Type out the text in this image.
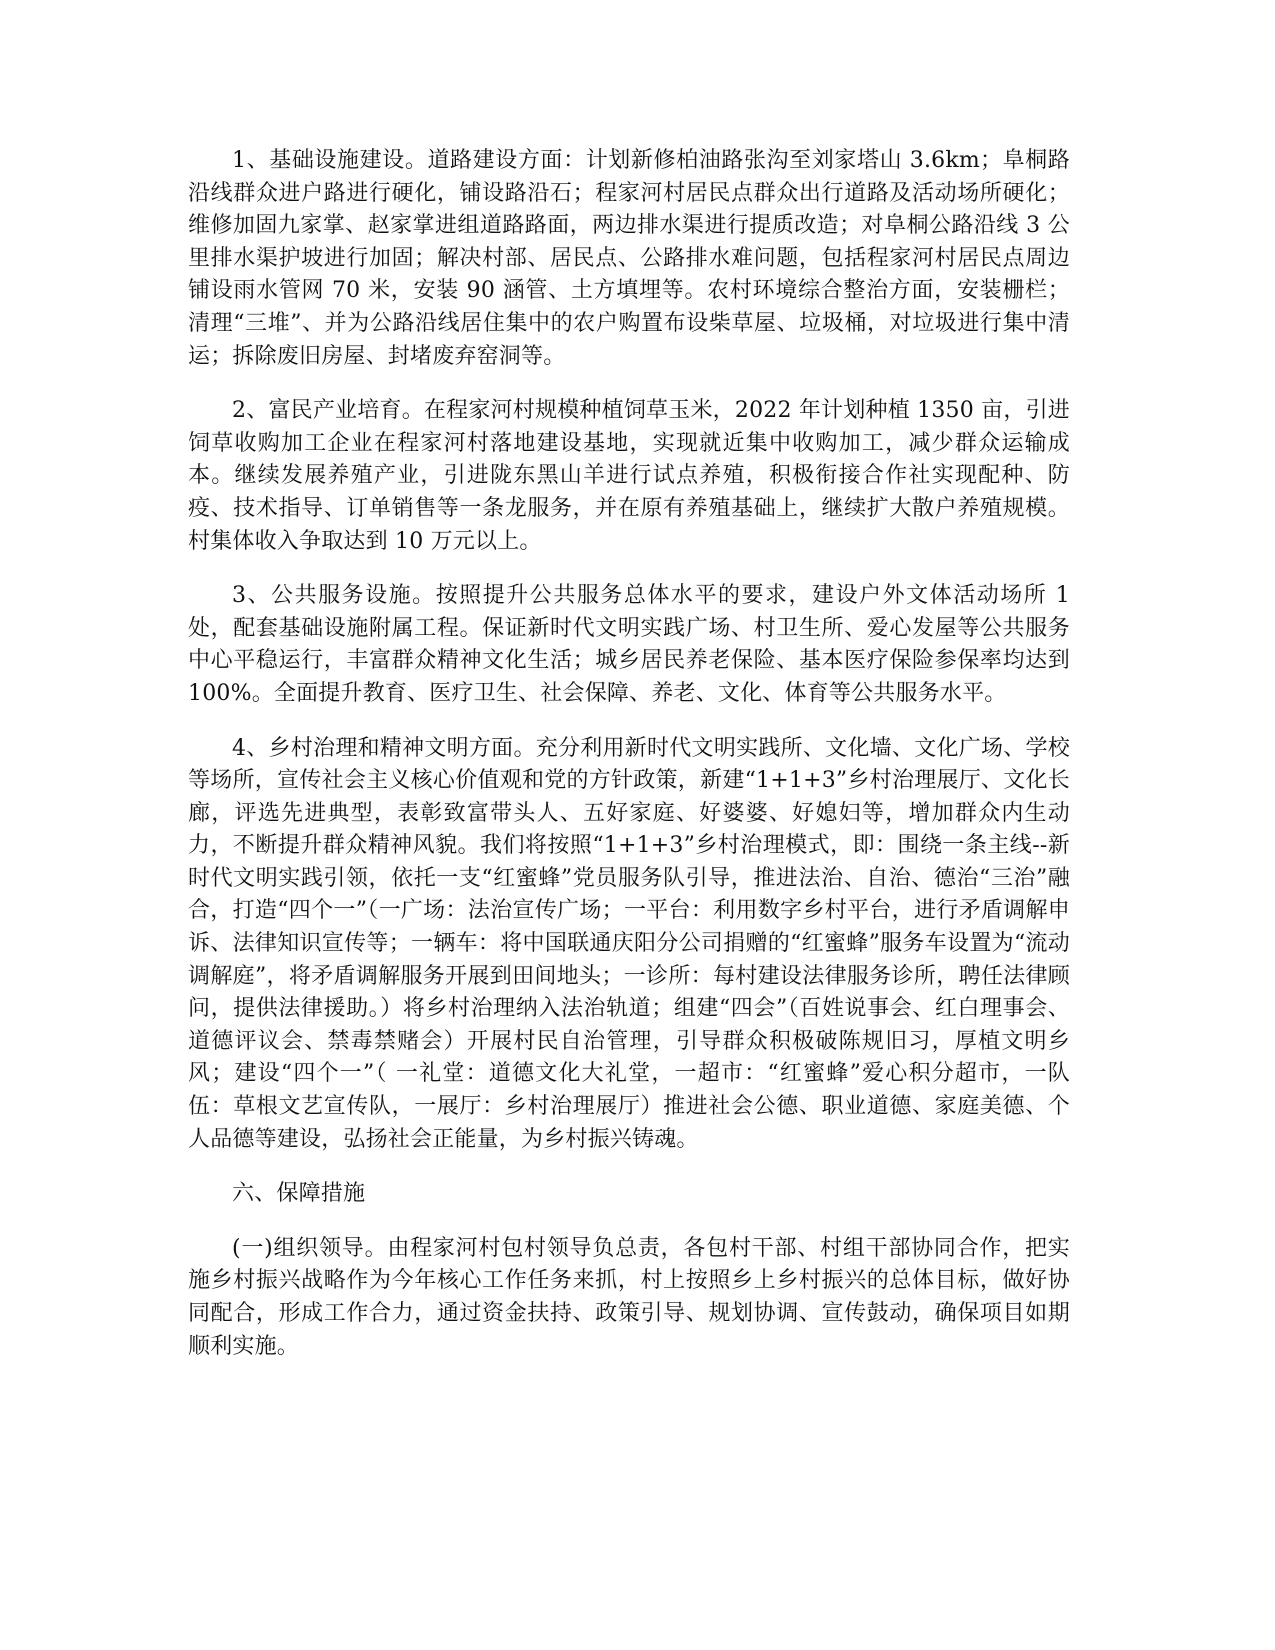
1、基础设施建设。道路建设方面：计划新修柏油路张沟至刘家塔山 3.6km；阜桐路沿线群众进户路进行硬化，铺设路沿石；程家河村居民点群众出行道路及活动场所硬化；维修加固九家掌、赵家掌进组道路路面，两边排水渠进行提质改造；对阜桐公路沿线 3 公里排水渠护坡进行加固；解决村部、居民点、公路排水难问题，包括程家河村居民点周边铺设雨水管网 70 米，安装 90 涵管、土方填埋等。农村环境综合整治方面，安装栅栏；清理“三堆”、并为公路沿线居住集中的农户购置布设柴草屋、垃圾桶，对垃圾进行集中清运；拆除废旧房屋、封堵废弃窑洞等。

2、富民产业培育。在程家河村规模种植饲草玉米，2022 年计划种植 1350 亩，引进饲草收购加工企业在程家河村落地建设基地，实现就近集中收购加工，减少群众运输成本。继续发展养殖产业，引进陇东黑山羊进行试点养殖，积极衔接合作社实现配种、防疫、技术指导、订单销售等一条龙服务，并在原有养殖基础上，继续扩大散户养殖规模。村集体收入争取达到 10 万元以上。

3、公共服务设施。按照提升公共服务总体水平的要求，建设户外文体活动场所 1 处，配套基础设施附属工程。保证新时代文明实践广场、村卫生所、爱心发屋等公共服务中心平稳运行，丰富群众精神文化生活；城乡居民养老保险、基本医疗保险参保率均达到 100%。全面提升教育、医疗卫生、社会保障、养老、文化、体育等公共服务水平。

4、乡村治理和精神文明方面。充分利用新时代文明实践所、文化墙、文化广场、学校等场所，宣传社会主义核心价值观和党的方针政策，新建“1+1+3”乡村治理展厅、文化长廊，评选先进典型，表彰致富带头人、五好家庭、好婆婆、好媳妇等，增加群众内生动力，不断提升群众精神风貌。我们将按照“1+1+3”乡村治理模式，即：围绕一条主线--新时代文明实践引领，依托一支“红蜜蜂”党员服务队引导，推进法治、自治、德治“三治”融合，打造“四个一”（一广场：法治宣传广场；一平台：利用数字乡村平台，进行矛盾调解申诉、法律知识宣传等；一辆车：将中国联通庆阳分公司捐赠的“红蜜蜂”服务车设置为“流动调解庭”，将矛盾调解服务开展到田间地头；一诊所：每村建设法律服务诊所，聘任法律顾问，提供法律援助。）将乡村治理纳入法治轨道；组建“四会”（百姓说事会、红白理事会、道德评议会、禁毒禁赌会）开展村民自治管理，引导群众积极破陈规旧习，厚植文明乡风；建设“四个一”（ 一礼堂：道德文化大礼堂，一超市：“红蜜蜂”爱心积分超市，一队伍：草根文艺宣传队，一展厅：乡村治理展厅）推进社会公德、职业道德、家庭美德、个人品德等建设，弘扬社会正能量，为乡村振兴铸魂。

六、保障措施

(一)组织领导。由程家河村包村领导负总责，各包村干部、村组干部协同合作，把实施乡村振兴战略作为今年核心工作任务来抓，村上按照乡上乡村振兴的总体目标，做好协同配合，形成工作合力，通过资金扶持、政策引导、规划协调、宣传鼓动，确保项目如期顺利实施。
